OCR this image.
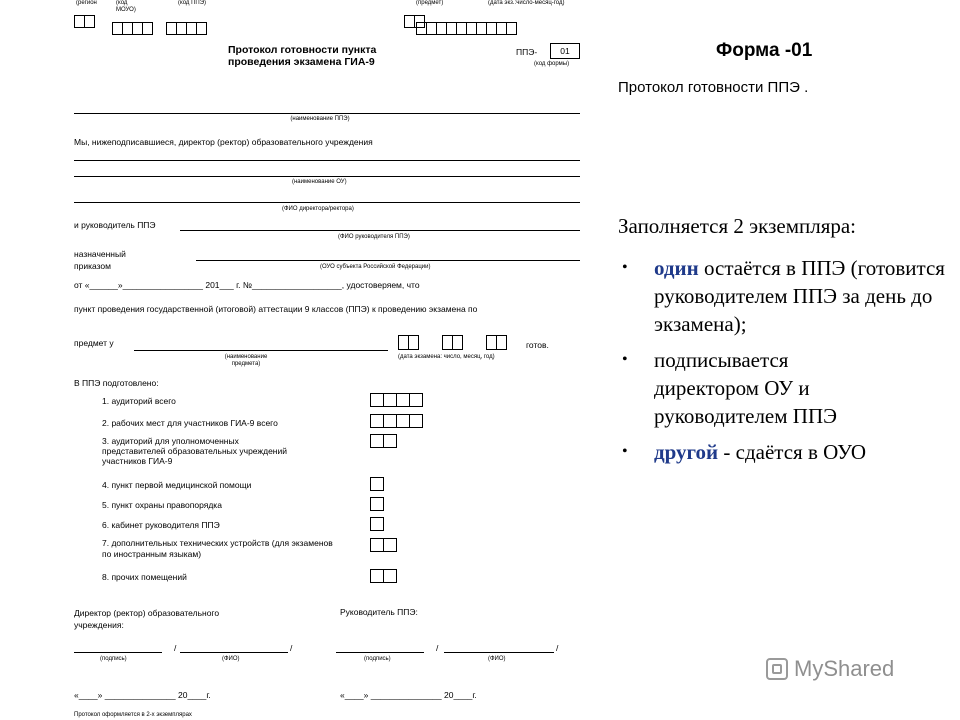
(регион	(код МОУО)
(код ППЭ)	(предмет)	(дата экз.:число-месяц-год)
Протокол готовности пункта проведения экзамена ГИА-9
ППЭ-	01
(код формы)
(наименование ППЭ)
Мы, нижеподписавшиеся, директор (ректор) образовательного учреждения
(наименование ОУ)
(ФИО директора/ректора)
и руководитель ППЭ
(ФИО руководителя ППЭ)
назначенный приказом	(ОУО субъекта Российской Федерации)
от «______»_________________ 201___ г. №___________________, удостоверяем, что
пункт проведения государственной (итоговой) аттестации 9 классов (ППЭ) к проведению экзамена по
предмет у
(наименование предмета)
готов.
(дата экзамена: число, месяц, год)
В ППЭ подготовлено:
1. аудиторий всего
2. рабочих мест для участников ГИА-9 всего
3. аудиторий для уполномоченных представителей образовательных учреждений участников ГИА-9
4. пункт первой медицинской помощи
5. пункт охраны правопорядка
6. кабинет руководителя ППЭ
7. дополнительных технических устройств (для экзаменов по иностранным языкам)
8. прочих помещений
Директор (ректор) образовательного учреждения:
Руководитель ППЭ:
/	/	/	/
(подпись)	(ФИО)	(подпись)	(ФИО)
«____» _______________ 20____г.	«____» _______________ 20____г.
Протокол оформляется в 2-х экземплярах
Форма -01
Протокол готовности ППЭ .
Заполняется 2 экземпляра:
• один остаётся в ППЭ (готовится руководителем ППЭ за день до экзамена);
• подписывается
директором ОУ и руководителем ППЭ
• другой - сдаётся в ОУО
MyShared
